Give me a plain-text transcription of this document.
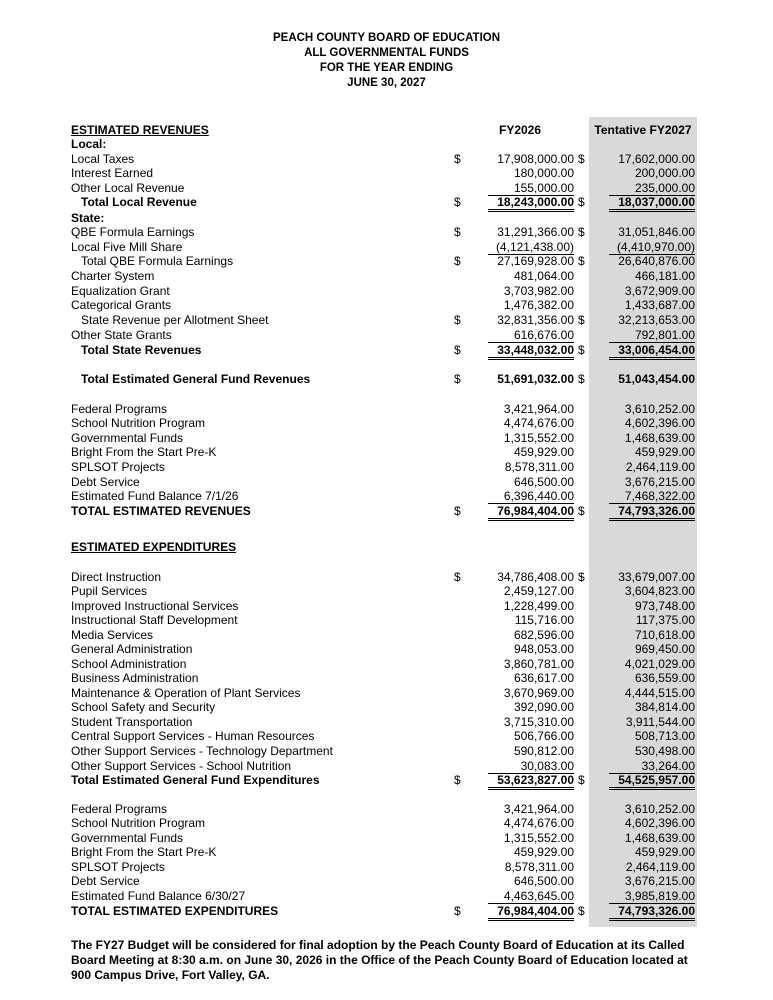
PEACH COUNTY BOARD OF EDUCATION
ALL GOVERNMENTAL FUNDS
FOR THE YEAR ENDING
JUNE 30, 2027
FY2026	Tentative FY2027
ESTIMATED REVENUES
Local:
Local Taxes	17,908,000.00	17,602,000.00
$	$
Interest Earned	180,000.00	200,000.00
Other Local Revenue	155,000.00	235,000.00
Total Local Revenue	18,243,000.00	18,037,000.00
$	$
State:
QBE Formula Earnings	31,291,366.00	31,051,846.00
$	$
Local Five Mill Share	(4,121,438.00)	(4,410,970.00)
Total QBE Formula Earnings	27,169,928.00	26,640,876.00
$	$
Charter System	481,064.00	466,181.00
Equalization Grant	3,703,982.00	3,672,909.00
Categorical Grants	1,476,382.00	1,433,687.00
State Revenue per Allotment Sheet	32,831,356.00	32,213,653.00
$	$
Other State Grants	616,676.00	792,801.00
Total State Revenues	33,448,032.00	33,006,454.00
$	$
Total Estimated General Fund Revenues	51,691,032.00	51,043,454.00
$	$
Federal Programs	3,421,964.00	3,610,252.00
School Nutrition Program	4,474,676.00	4,602,396.00
Governmental Funds	1,315,552.00	1,468,639.00
Bright From the Start Pre-K	459,929.00	459,929.00
SPLSOT Projects	8,578,311.00	2,464,119.00
Debt Service	646,500.00	3,676,215.00
Estimated Fund Balance 7/1/26	6,396,440.00	7,468,322.00
TOTAL ESTIMATED REVENUES	76,984,404.00	74,793,326.00
$	$
ESTIMATED EXPENDITURES
Direct Instruction	34,786,408.00	33,679,007.00
$	$
Pupil Services	2,459,127.00	3,604,823.00
Improved Instructional Services	1,228,499.00	973,748.00
Instructional Staff Development	115,716.00	117,375.00
Media Services	682,596.00	710,618.00
General Administration	948,053.00	969,450.00
School Administration	3,860,781.00	4,021,029.00
Business Administration	636,617.00	636,559.00
Maintenance & Operation of Plant Services	3,670,969.00	4,444,515.00
School Safety and Security	392,090.00	384,814.00
Student Transportation	3,715,310.00	3,911,544.00
Central Support Services - Human Resources	506,766.00	508,713.00
Other Support Services - Technology Department	590,812.00	530,498.00
Other Support Services - School Nutrition	30,083.00	33,264.00
Total Estimated General Fund Expenditures	53,623,827.00	54,525,957.00
$	$
Federal Programs	3,421,964.00	3,610,252.00
School Nutrition Program	4,474,676.00	4,602,396.00
Governmental Funds	1,315,552.00	1,468,639.00
Bright From the Start Pre-K	459,929.00	459,929.00
SPLSOT Projects	8,578,311.00	2,464,119.00
Debt Service	646,500.00	3,676,215.00
Estimated Fund Balance 6/30/27	4,463,645.00	3,985,819.00
TOTAL ESTIMATED EXPENDITURES	76,984,404.00	74,793,326.00
$	$
The FY27 Budget will be considered for final adoption by the Peach County Board of Education at its Called Board Meeting at 8:30 a.m. on June 30, 2026 in the Office of the Peach County Board of Education located at 900 Campus Drive, Fort Valley, GA.
